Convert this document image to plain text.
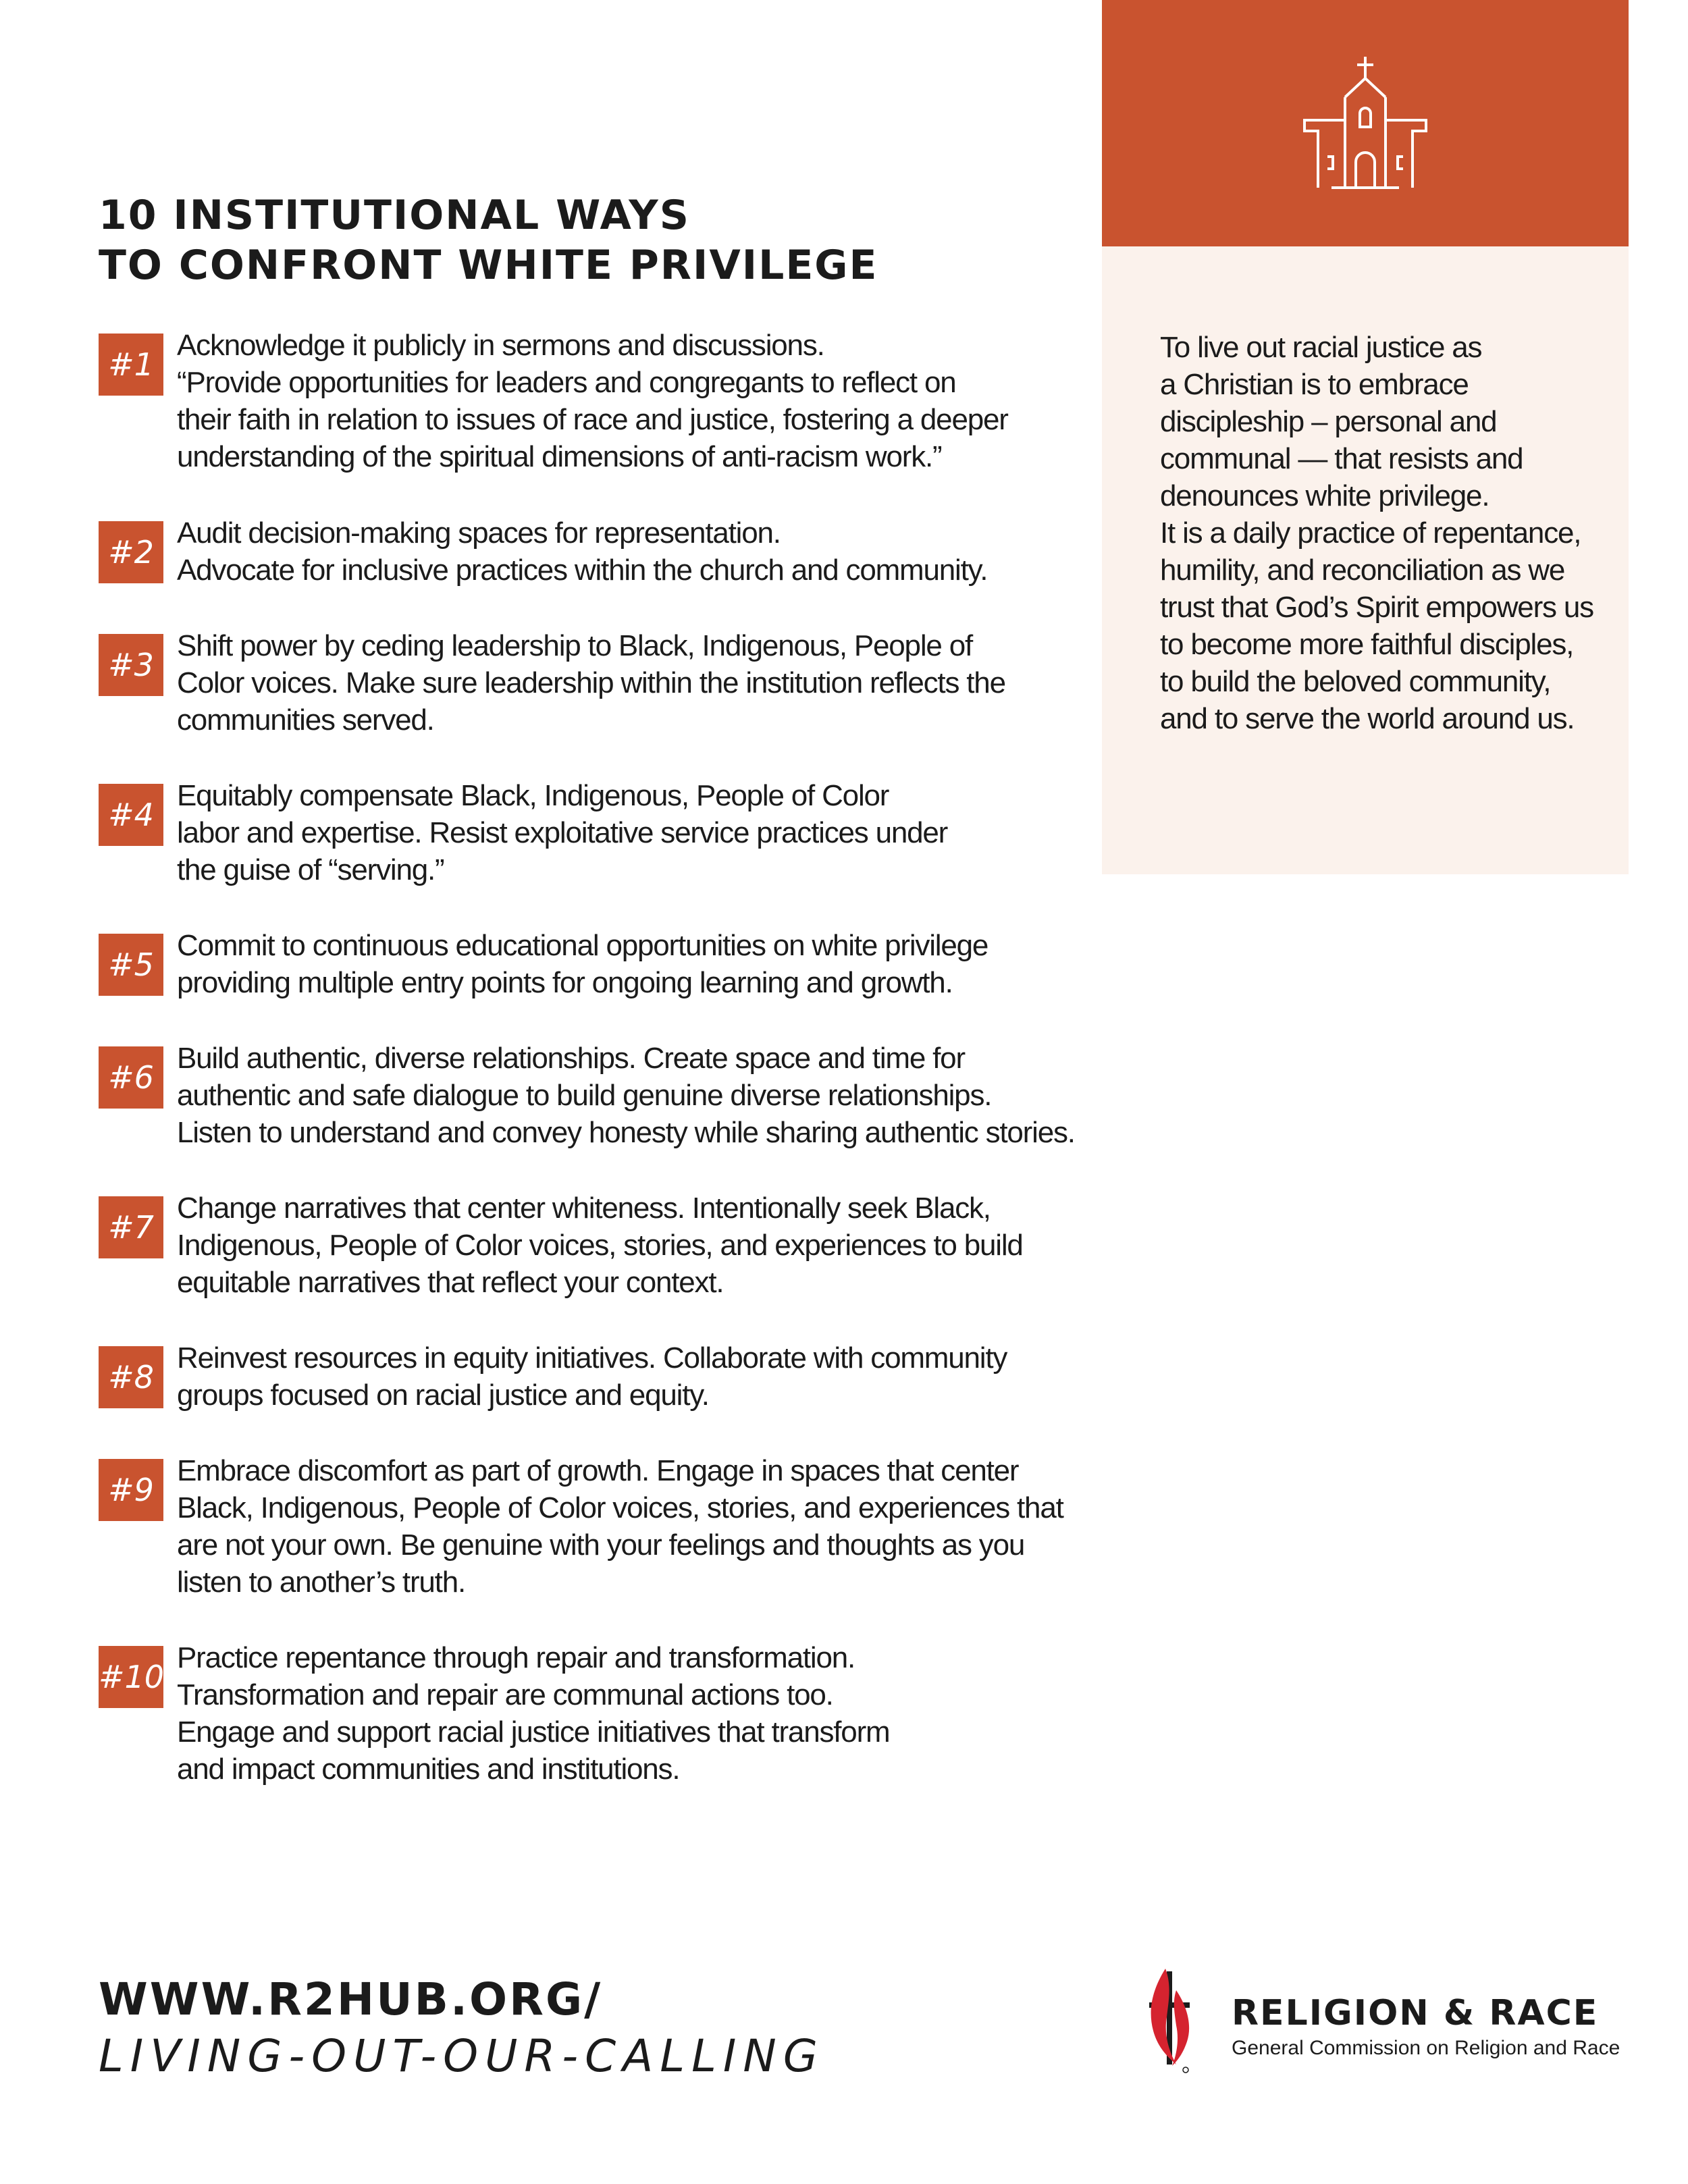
10 INSTITUTIONAL WAYS
TO CONFRONT WHITE PRIVILEGE
#1
Acknowledge it publicly in sermons and discussions.
“Provide opportunities for leaders and congregants to reflect on
their faith in relation to issues of race and justice, fostering a deeper
understanding of the spiritual dimensions of anti-racism work.”
#2
Audit decision-making spaces for representation.
Advocate for inclusive practices within the church and community.
#3
Shift power by ceding leadership to Black, Indigenous, People of
Color voices. Make sure leadership within the institution reflects the
communities served.
#4
Equitably compensate Black, Indigenous, People of Color
labor and expertise. Resist exploitative service practices under
the guise of “serving.”
#5
Commit to continuous educational opportunities on white privilege
providing multiple entry points for ongoing learning and growth.
#6
Build authentic, diverse relationships. Create space and time for
authentic and safe dialogue to build genuine diverse relationships.
Listen to understand and convey honesty while sharing authentic stories.
#7
Change narratives that center whiteness. Intentionally seek Black,
Indigenous, People of Color voices, stories, and experiences to build
equitable narratives that reflect your context.
#8
Reinvest resources in equity initiatives. Collaborate with community
groups focused on racial justice and equity.
#9
Embrace discomfort as part of growth. Engage in spaces that center
Black, Indigenous, People of Color voices, stories, and experiences that
are not your own. Be genuine with your feelings and thoughts as you
listen to another’s truth.
#10
Practice repentance through repair and transformation.
Transformation and repair are communal actions too.
Engage and support racial justice initiatives that transform
and impact communities and institutions.
To live out racial justice as
a Christian is to embrace
discipleship – personal and
communal — that resists and
denounces white privilege.
It is a daily practice of repentance,
humility, and reconciliation as we
trust that God’s Spirit empowers us
to become more faithful disciples,
to build the beloved community,
and to serve the world around us.
WWW.R2HUB.ORG/
LIVING-OUT-OUR-CALLING
RELIGION & RACE
General Commission on Religion and Race
